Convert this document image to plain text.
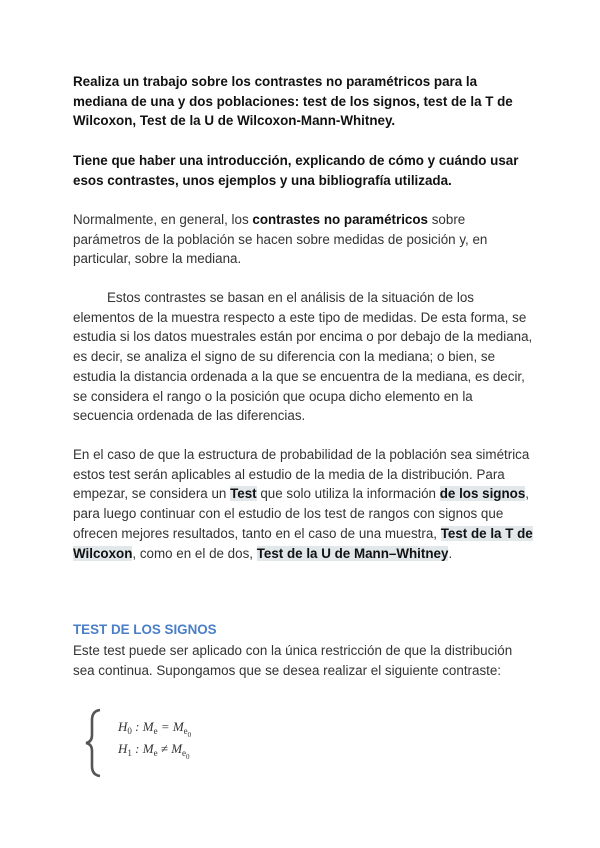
Realiza un trabajo sobre los contrastes no paramétricos para la mediana de una y dos poblaciones: test de los signos, test de la T de Wilcoxon, Test de la U de Wilcoxon-Mann-Whitney.
Tiene que haber una introducción, explicando de cómo y cuándo usar esos contrastes, unos ejemplos y una bibliografía utilizada.
Normalmente, en general, los contrastes no paramétricos sobre parámetros de la población se hacen sobre medidas de posición y, en particular, sobre la mediana.
Estos contrastes se basan en el análisis de la situación de los elementos de la muestra respecto a este tipo de medidas. De esta forma, se estudia si los datos muestrales están por encima o por debajo de la mediana, es decir, se analiza el signo de su diferencia con la mediana; o bien, se estudia la distancia ordenada a la que se encuentra de la mediana, es decir, se considera el rango o la posición que ocupa dicho elemento en la secuencia ordenada de las diferencias.
En el caso de que la estructura de probabilidad de la población sea simétrica estos test serán aplicables al estudio de la media de la distribución. Para empezar, se considera un Test que solo utiliza la información de los signos, para luego continuar con el estudio de los test de rangos con signos que ofrecen mejores resultados, tanto en el caso de una muestra, Test de la T de Wilcoxon, como en el de dos, Test de la U de Mann–Whitney.
TEST DE LOS SIGNOS
Este test puede ser aplicado con la única restricción de que la distribución sea continua. Supongamos que se desea realizar el siguiente contraste:
$H_0$ : $M_e = M_{e0}$
$H_1$ : $M_e \ne M_{e0}$
